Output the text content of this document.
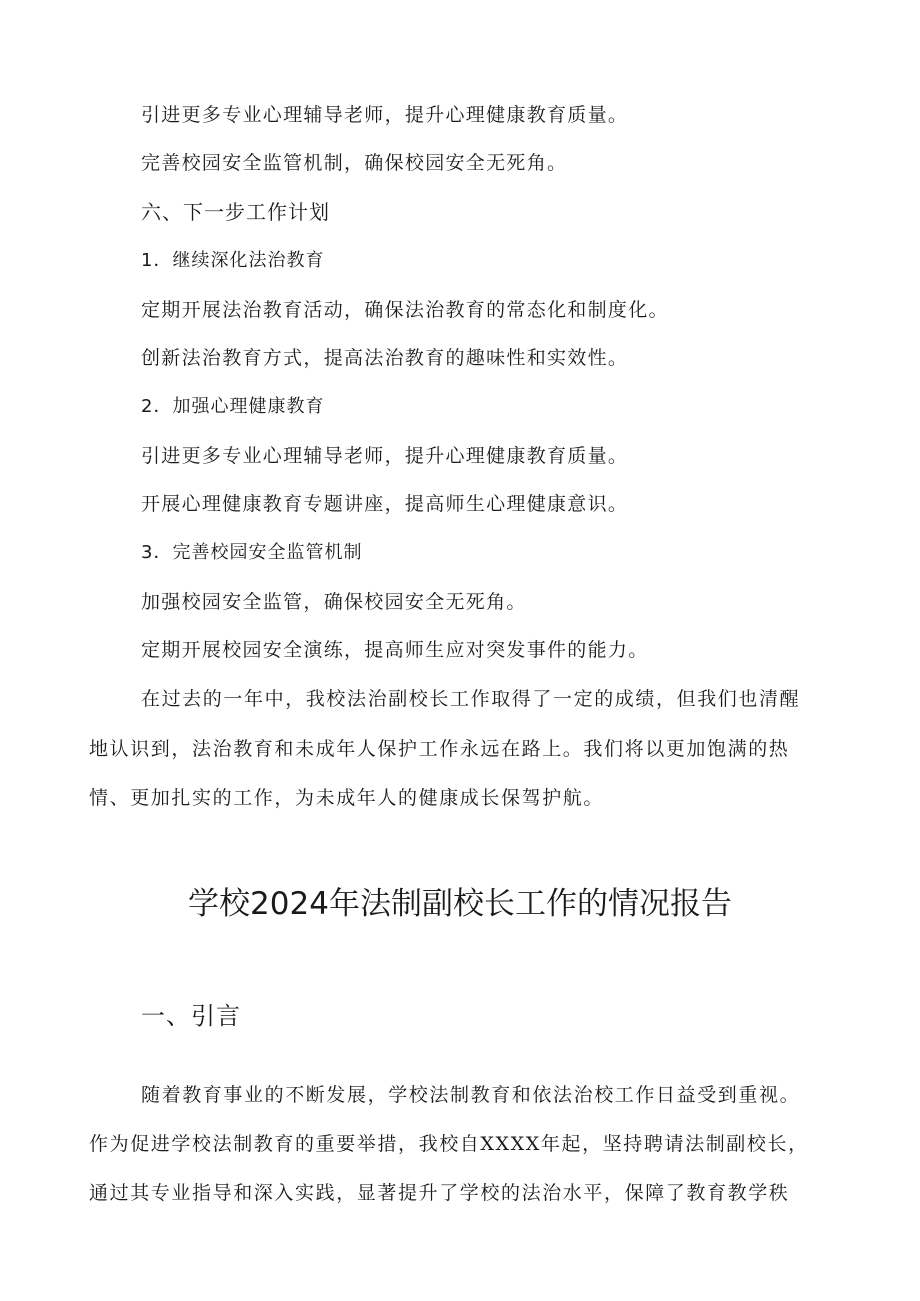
引进更多专业心理辅导老师，提升心理健康教育质量。
完善校园安全监管机制，确保校园安全无死角。
六、下一步工作计划
1．继续深化法治教育
定期开展法治教育活动，确保法治教育的常态化和制度化。
创新法治教育方式，提高法治教育的趣味性和实效性。
2．加强心理健康教育
引进更多专业心理辅导老师，提升心理健康教育质量。
开展心理健康教育专题讲座，提高师生心理健康意识。
3．完善校园安全监管机制
加强校园安全监管，确保校园安全无死角。
定期开展校园安全演练，提高师生应对突发事件的能力。
在过去的一年中，我校法治副校长工作取得了一定的成绩，但我们也清醒
地认识到，法治教育和未成年人保护工作永远在路上。我们将以更加饱满的热
情、更加扎实的工作，为未成年人的健康成长保驾护航。
学校2024年法制副校长工作的情况报告
一、引言
随着教育事业的不断发展，学校法制教育和依法治校工作日益受到重视。
作为促进学校法制教育的重要举措，我校自XXXX年起，坚持聘请法制副校长，
通过其专业指导和深入实践，显著提升了学校的法治水平，保障了教育教学秩
